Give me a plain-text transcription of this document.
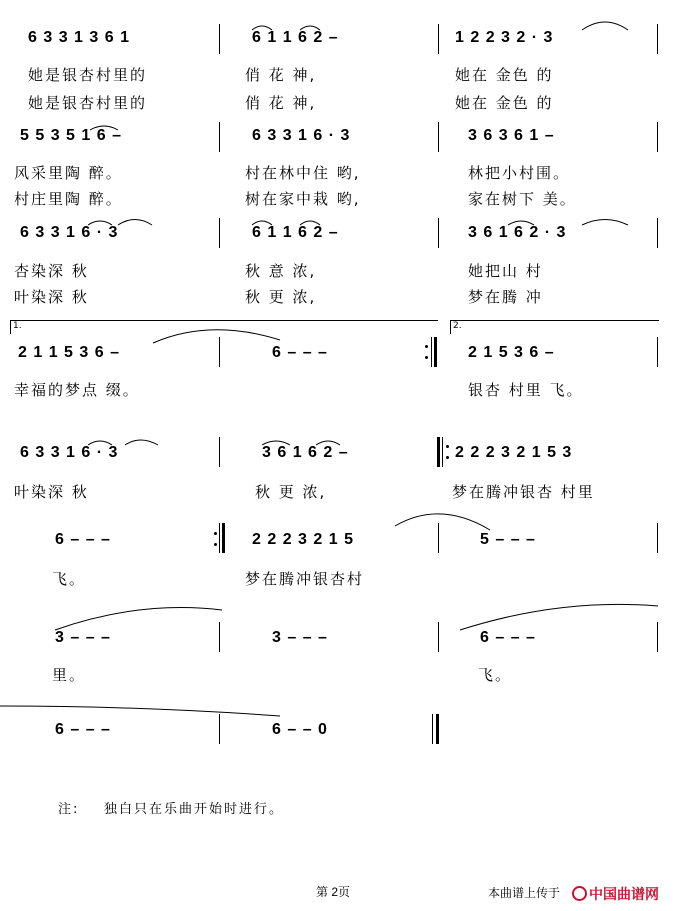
6 3 3 1 3 6 1	6 1 1 6 2 –	1 2 2 3 2 · 3
她是银杏村里的	俏 花 神,	她在 金色 的
她是银杏村里的	俏 花 神,	她在 金色 的
5 5 3 5 1 6 –	6 3 3 1 6 · 3	3 6 3 6 1 –
风采里陶 醉。	村在林中住 哟,	林把小村围。
村庄里陶 醉。	树在家中栽 哟,	家在树下 美。
6 3 3 1 6 · 3	6 1 1 6 2 –	3 6 1 6 2 · 3
杏染深 秋	秋 意 浓,	她把山 村
叶染深 秋	秋 更 浓,	梦在腾 冲
1.	2.
2 1 1 5 3 6 –	6 – – –	2 1 5 3 6 –
幸福的梦点 缀。	银杏 村里 飞。
6 3 3 1 6 · 3	3 6 1 6 2 –	2 2 2 3 2 1 5 3
叶染深 秋	秋 更 浓,	梦在腾冲银杏 村里
6 – – –	2 2 2 3 2 1 5	5 – – –
飞。	梦在腾冲银杏村
3 – – –	3 – – –	6 – – –
里。	飞。
6 – – –	6 – – 0
注: 独白只在乐曲开始时进行。
第 2页	本曲谱上传于	中国曲谱网
